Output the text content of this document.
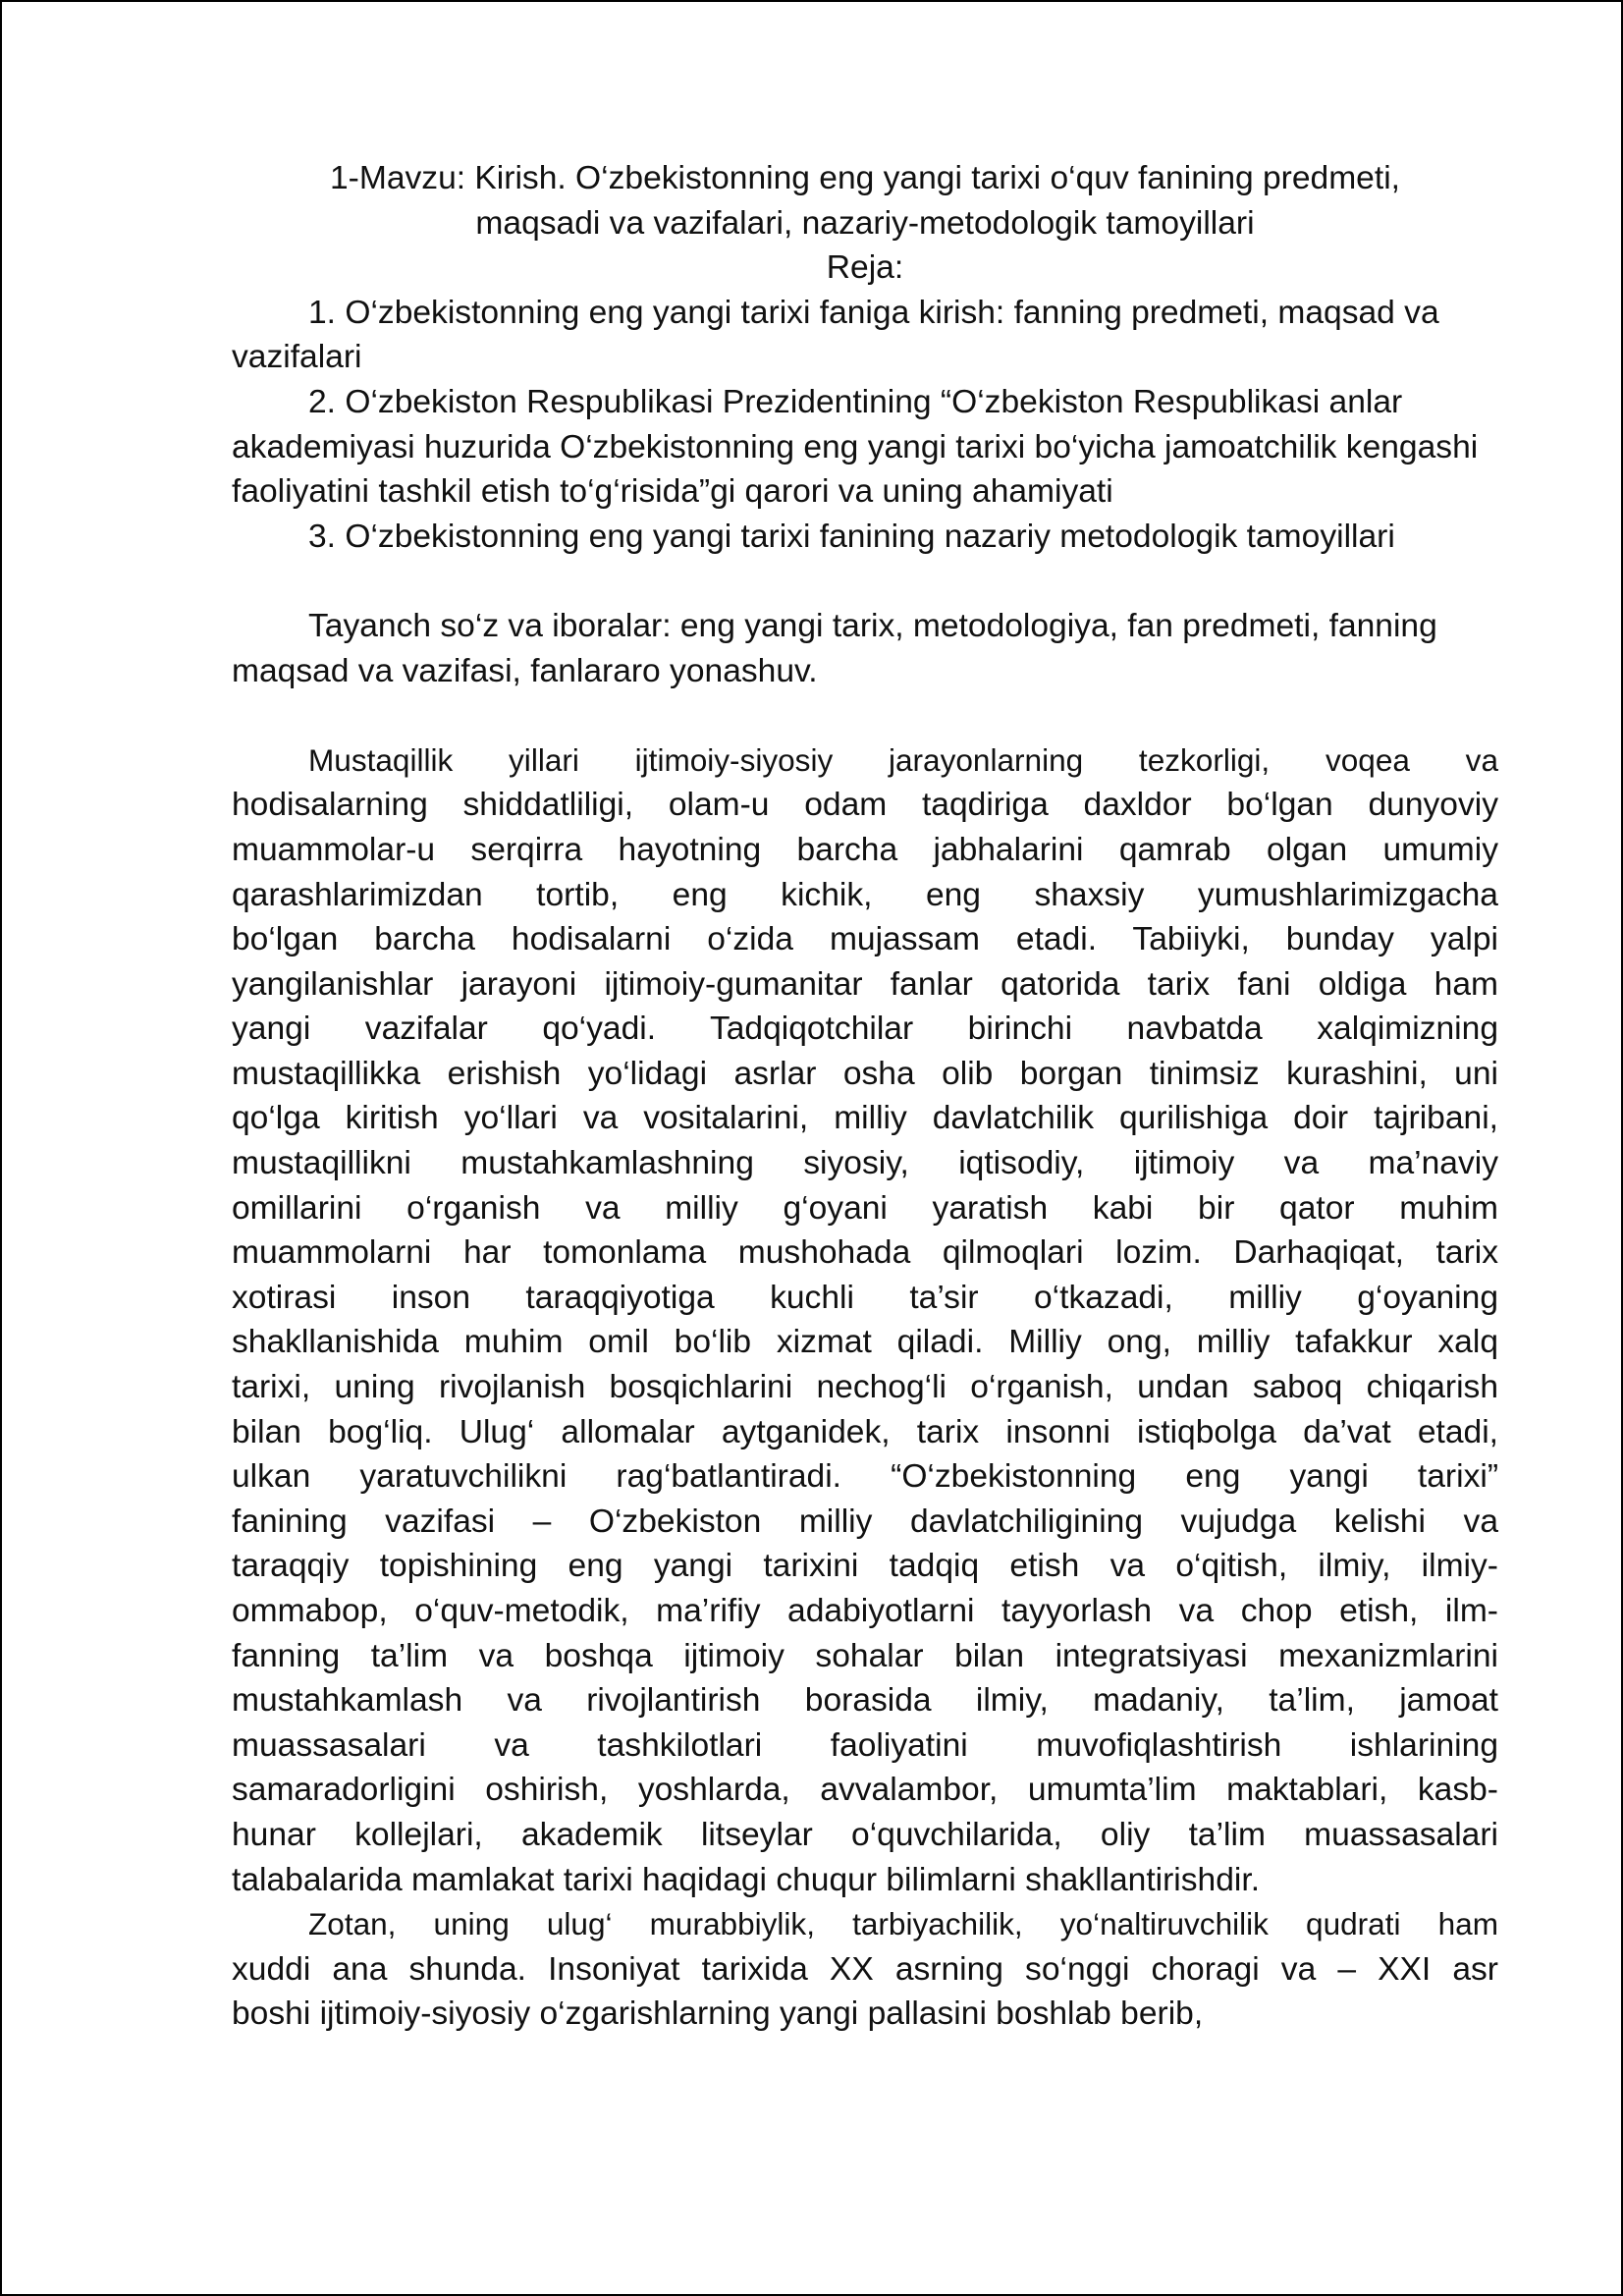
1-Mavzu: Kirish. O‘zbekistonning eng yangi tarixi o‘quv fanining predmeti,
maqsadi va vazifalari, nazariy-metodologik tamoyillari

Reja:

1. O‘zbekistonning eng yangi tarixi faniga kirish: fanning predmeti, maqsad va vazifalari
2. O‘zbekiston Respublikasi Prezidentining “O‘zbekiston Respublikasi anlar akademiyasi huzurida O‘zbekistonning eng yangi tarixi bo‘yicha jamoatchilik kengashi faoliyatini tashkil etish to‘g‘risida”gi qarori va uning ahamiyati
3. O‘zbekistonning eng yangi tarixi fanining nazariy metodologik tamoyillari

Tayanch so‘z va iboralar: eng yangi tarix, metodologiya, fan predmeti, fanning maqsad va vazifasi, fanlararo yonashuv.

Mustaqillik yillari ijtimoiy-siyosiy jarayonlarning tezkorligi, voqea va
hodisalarning shiddatliligi, olam-u odam taqdiriga daxldor bo‘lgan dunyoviy
muammolar-u serqirra hayotning barcha jabhalarini qamrab olgan umumiy
qarashlarimizdan tortib, eng kichik, eng shaxsiy yumushlarimizgacha
bo‘lgan barcha hodisalarni o‘zida mujassam etadi. Tabiiyki, bunday yalpi
yangilanishlar jarayoni ijtimoiy-gumanitar fanlar qatorida tarix fani oldiga ham
yangi vazifalar qo‘yadi. Tadqiqotchilar birinchi navbatda xalqimizning
mustaqillikka erishish yo‘lidagi asrlar osha olib borgan tinimsiz kurashini, uni
qo‘lga kiritish yo‘llari va vositalarini, milliy davlatchilik qurilishiga doir tajribani,
mustaqillikni mustahkamlashning siyosiy, iqtisodiy, ijtimoiy va ma’naviy
omillarini o‘rganish va milliy g‘oyani yaratish kabi bir qator muhim
muammolarni har tomonlama mushohada qilmoqlari lozim. Darhaqiqat, tarix
xotirasi inson taraqqiyotiga kuchli ta’sir o‘tkazadi, milliy g‘oyaning
shakllanishida muhim omil bo‘lib xizmat qiladi. Milliy ong, milliy tafakkur xalq
tarixi, uning rivojlanish bosqichlarini nechog‘li o‘rganish, undan saboq chiqarish
bilan bog‘liq. Ulug‘ allomalar aytganidek, tarix insonni istiqbolga da’vat etadi,
ulkan yaratuvchilikni rag‘batlantiradi. “O‘zbekistonning eng yangi tarixi”
fanining vazifasi – O‘zbekiston milliy davlatchiligining vujudga kelishi va
taraqqiy topishining eng yangi tarixini tadqiq etish va o‘qitish, ilmiy, ilmiy-
ommabop, o‘quv-metodik, ma’rifiy adabiyotlarni tayyorlash va chop etish, ilm-
fanning ta’lim va boshqa ijtimoiy sohalar bilan integratsiyasi mexanizmlarini
mustahkamlash va rivojlantirish borasida ilmiy, madaniy, ta’lim, jamoat
muassasalari va tashkilotlari faoliyatini muvofiqlashtirish ishlarining
samaradorligini oshirish, yoshlarda, avvalambor, umumta’lim maktablari, kasb-
hunar kollejlari, akademik litseylar o‘quvchilarida, oliy ta’lim muassasalari
talabalarida mamlakat tarixi haqidagi chuqur bilimlarni shakllantirishdir.
Zotan, uning ulug‘ murabbiylik, tarbiyachilik, yo‘naltiruvchilik qudrati ham
xuddi ana shunda. Insoniyat tarixida XX asrning so‘nggi choragi va – XXI asr
boshi ijtimoiy-siyosiy o‘zgarishlarning yangi pallasini boshlab berib,
